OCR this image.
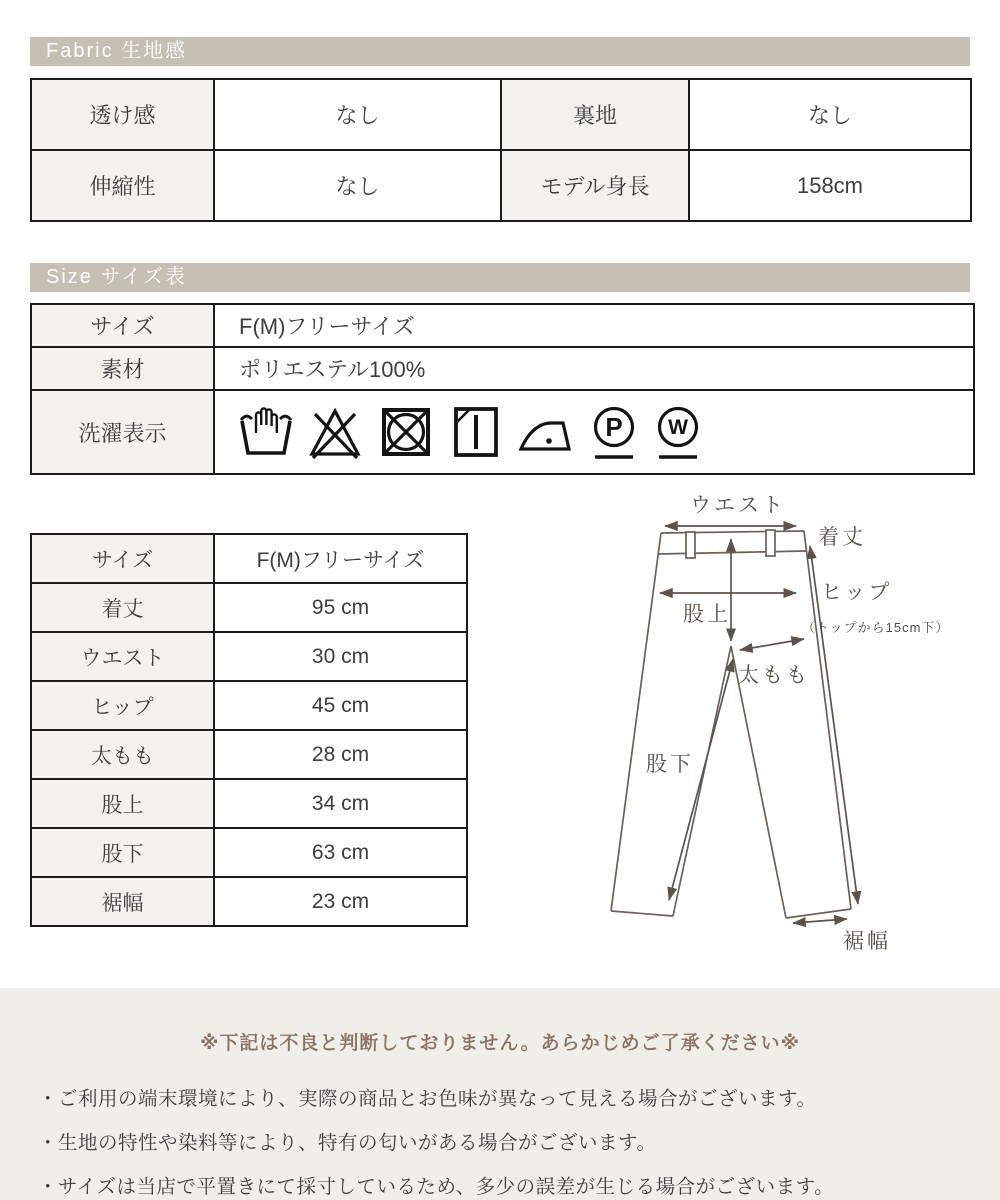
Fabric 生地感
透け感	なし	裏地	なし
伸縮性	なし	モデル身長	158cm
Size サイズ表
サイズ	F(M)フリーサイズ
素材	ポリエステル100%
洗濯表示	P W
サイズ	F(M)フリーサイズ
着丈	95 cm
ウエスト	30 cm
ヒップ	45 cm
太もも	28 cm
股上	34 cm
股下	63 cm
裾幅	23 cm
ウエスト
着丈
ヒップ
（トップから15cm下）
股上
太もも
股下
裾幅
※下記は不良と判断しておりません。あらかじめご了承ください※
・ご利用の端末環境により、実際の商品とお色味が異なって見える場合がございます。
・生地の特性や染料等により、特有の匂いがある場合がございます。
・サイズは当店で平置きにて採寸しているため、多少の誤差が生じる場合がございます。
